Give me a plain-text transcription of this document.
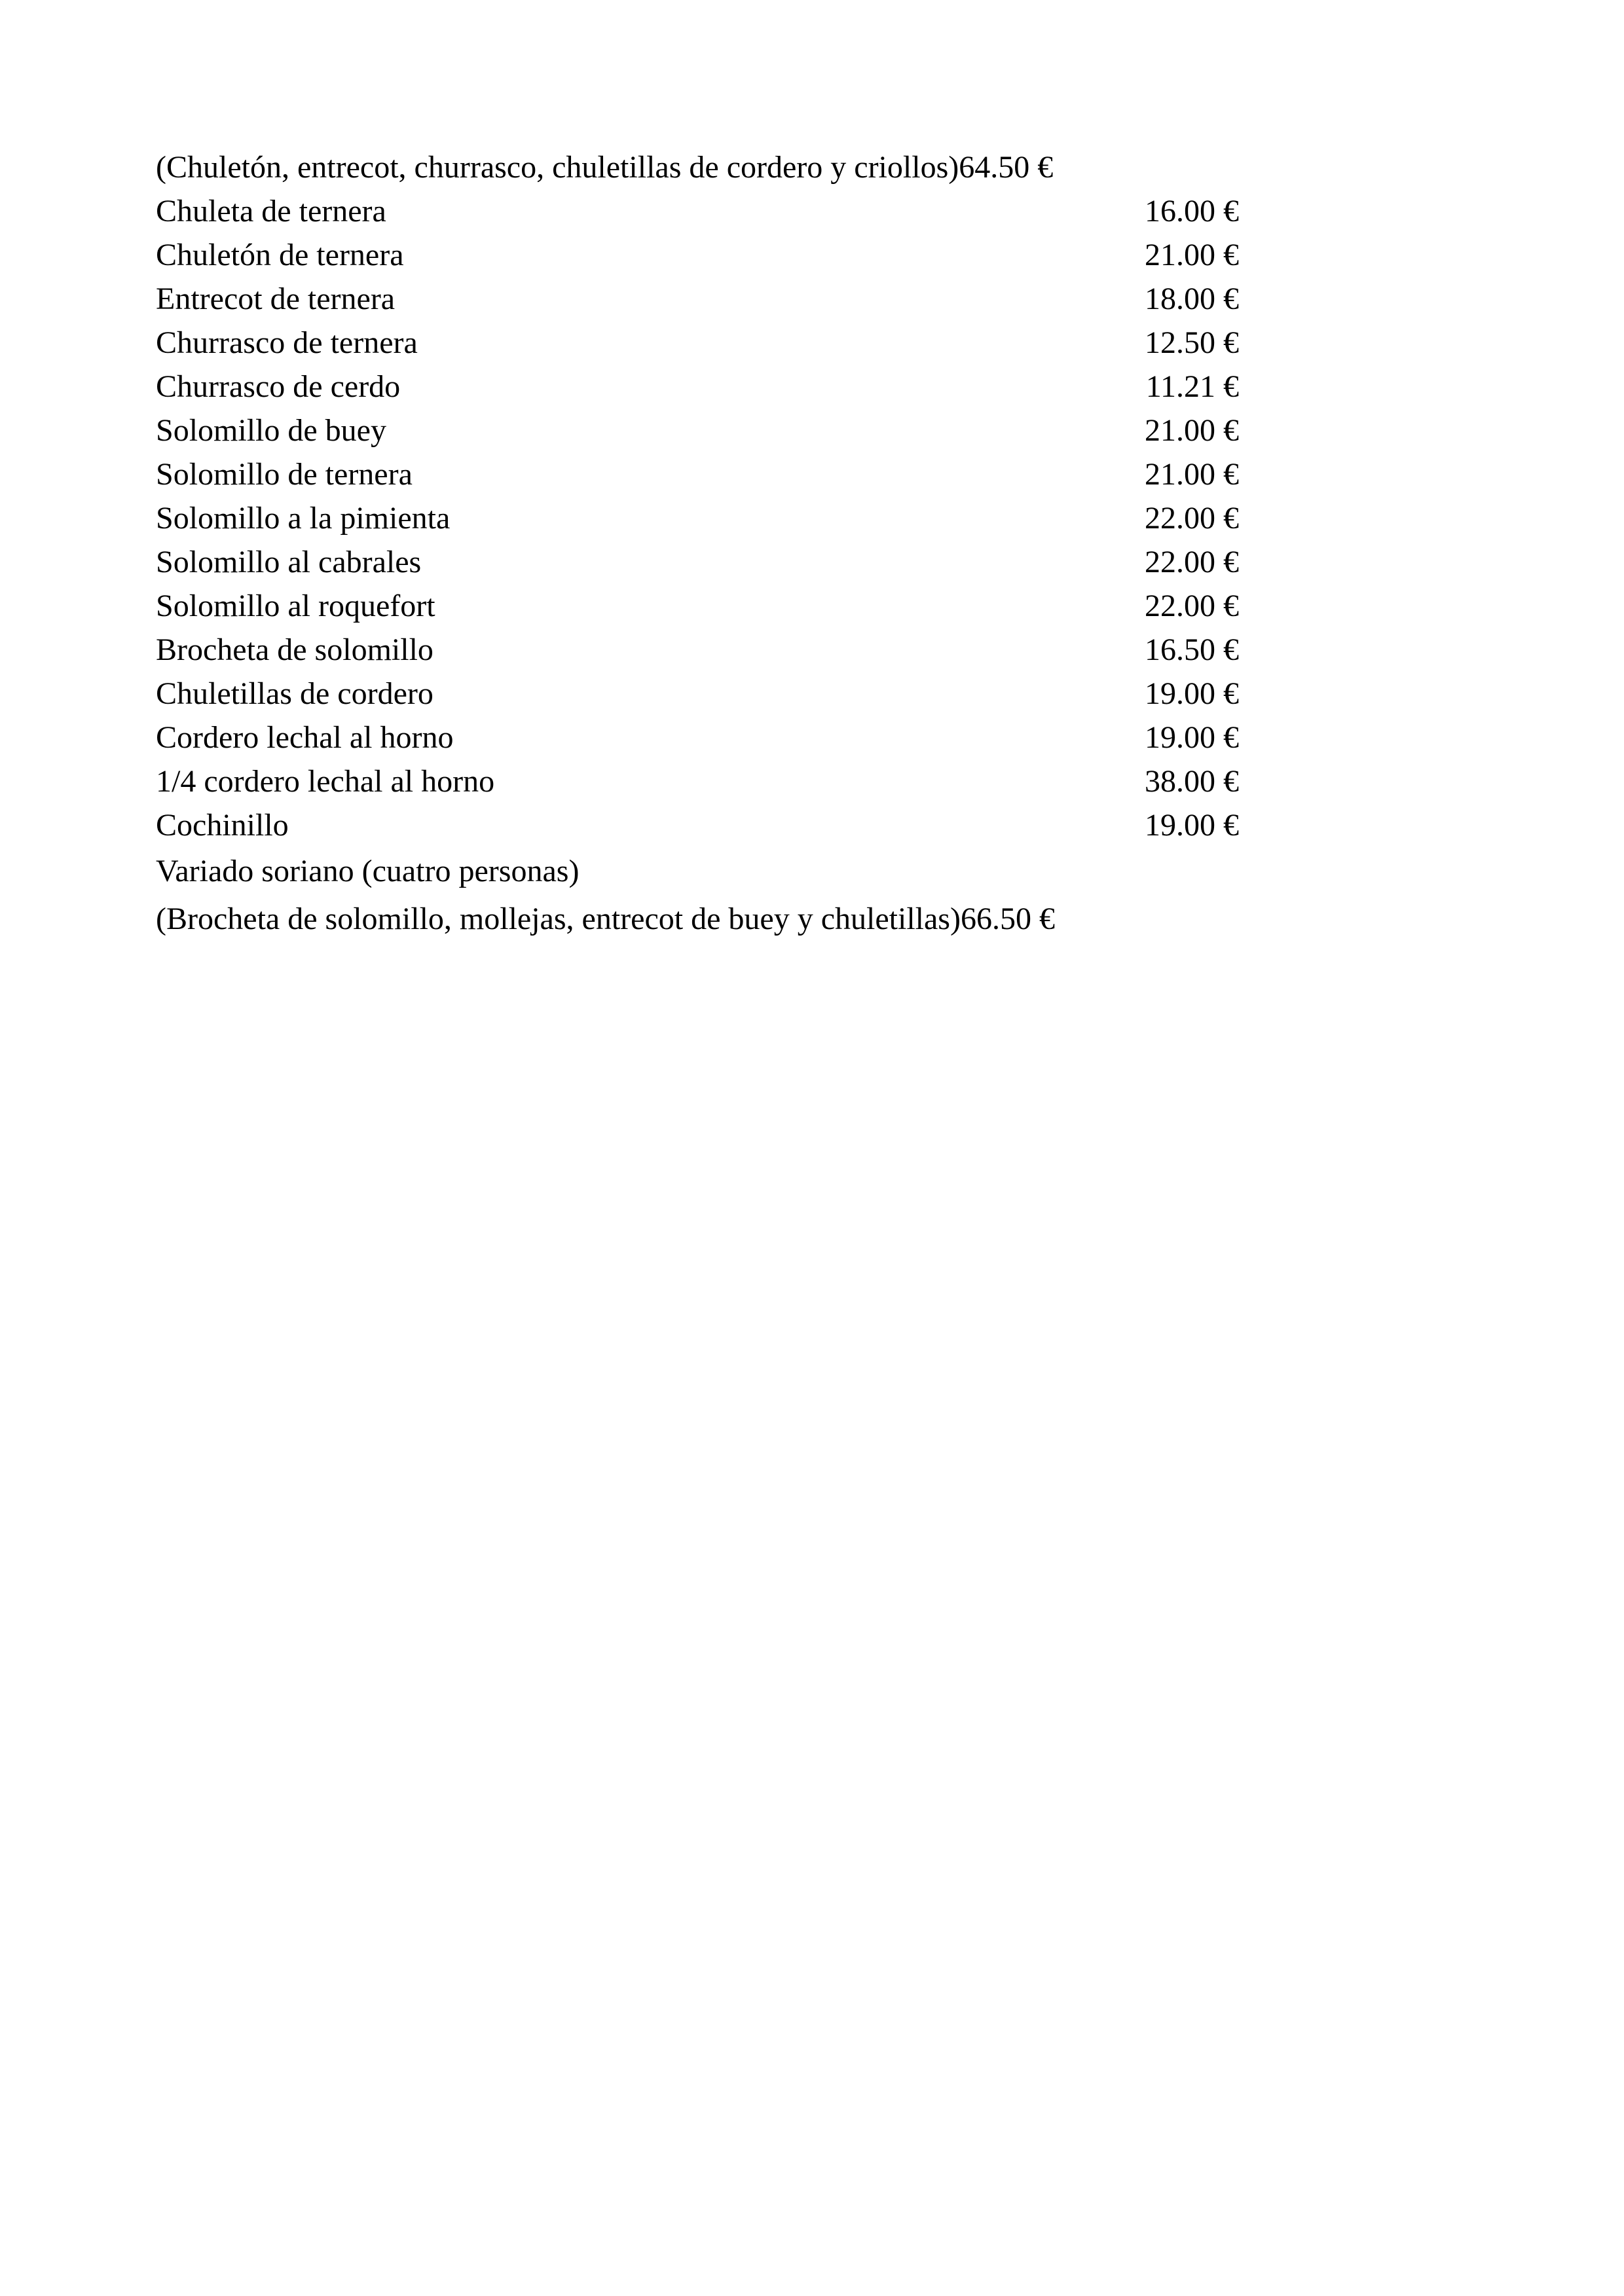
(Chuletón, entrecot, churrasco, chuletillas de cordero y criollos) 64.50 €
Chuleta de ternera	16.00 €
Chuletón de ternera	21.00 €
Entrecot de ternera	18.00 €
Churrasco de ternera	12.50 €
Churrasco de cerdo	11.21 €
Solomillo de buey	21.00 €
Solomillo de ternera	21.00 €
Solomillo a la pimienta	22.00 €
Solomillo al cabrales	22.00 €
Solomillo al roquefort	22.00 €
Brocheta de solomillo	16.50 €
Chuletillas de cordero	19.00 €
Cordero lechal al horno	19.00 €
1/4 cordero lechal al horno	38.00 €
Cochinillo	19.00 €
Variado soriano (cuatro personas)
(Brocheta de solomillo, mollejas, entrecot de buey y chuletillas) 66.50 €
